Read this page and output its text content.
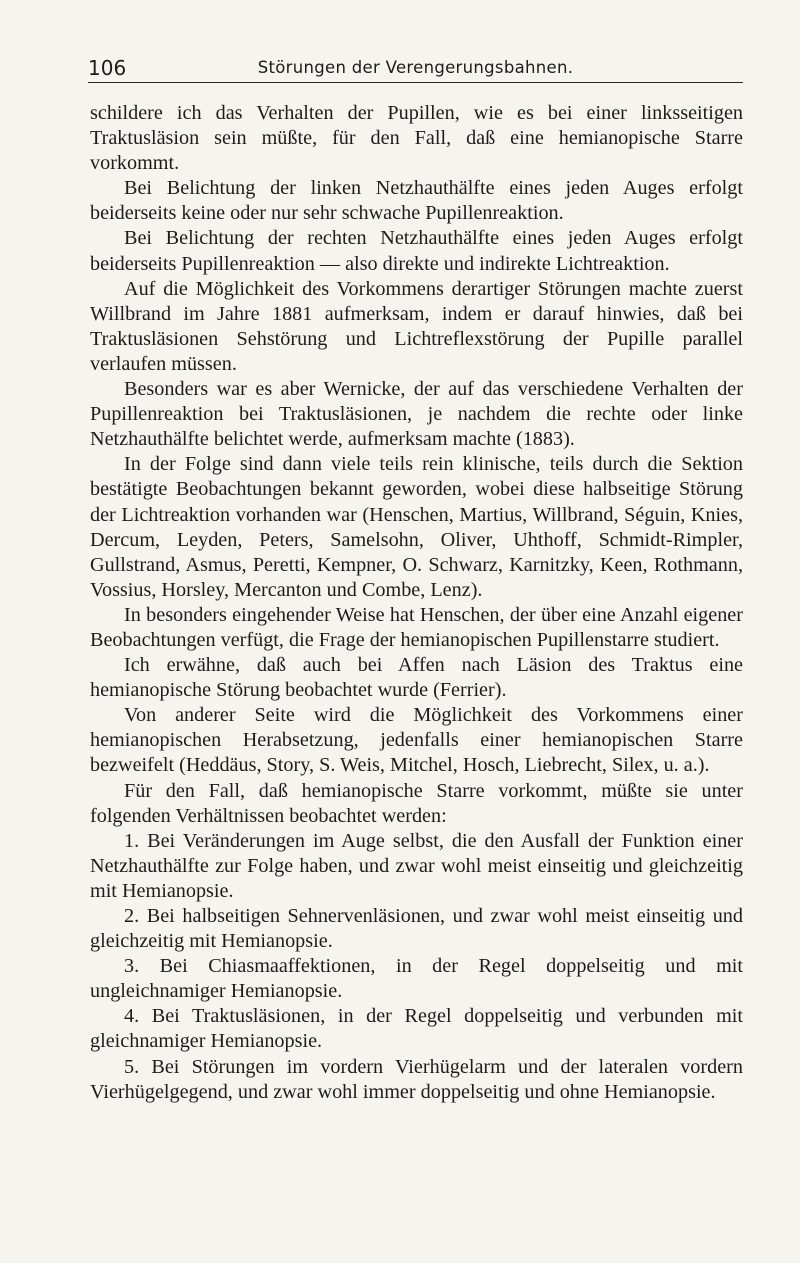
106	Störungen der Verengerungsbahnen.

schildere ich das Verhalten der Pupillen, wie es bei einer linksseitigen Traktusläsion sein müßte, für den Fall, daß eine hemianopische Starre vorkommt.

Bei Belichtung der linken Netzhauthälfte eines jeden Auges erfolgt beiderseits keine oder nur sehr schwache Pupillenreaktion.

Bei Belichtung der rechten Netzhauthälfte eines jeden Auges erfolgt beiderseits Pupillenreaktion — also direkte und indirekte Lichtreaktion.

Auf die Möglichkeit des Vorkommens derartiger Störungen machte zuerst Willbrand im Jahre 1881 aufmerksam, indem er darauf hinwies, daß bei Traktusläsionen Sehstörung und Lichtreflexstörung der Pupille parallel verlaufen müssen.

Besonders war es aber Wernicke, der auf das verschiedene Verhalten der Pupillenreaktion bei Traktusläsionen, je nachdem die rechte oder linke Netzhauthälfte belichtet werde, aufmerksam machte (1883).

In der Folge sind dann viele teils rein klinische, teils durch die Sektion bestätigte Beobachtungen bekannt geworden, wobei diese halbseitige Störung der Lichtreaktion vorhanden war (Henschen, Martius, Willbrand, Séguin, Knies, Dercum, Leyden, Peters, Samelsohn, Oliver, Uhthoff, Schmidt-Rimpler, Gullstrand, Asmus, Peretti, Kempner, O. Schwarz, Karnitzky, Keen, Rothmann, Vossius, Horsley, Mercanton und Combe, Lenz).

In besonders eingehender Weise hat Henschen, der über eine Anzahl eigener Beobachtungen verfügt, die Frage der hemianopischen Pupillenstarre studiert.

Ich erwähne, daß auch bei Affen nach Läsion des Traktus eine hemianopische Störung beobachtet wurde (Ferrier).

Von anderer Seite wird die Möglichkeit des Vorkommens einer hemianopischen Herabsetzung, jedenfalls einer hemianopischen Starre bezweifelt (Heddäus, Story, S. Weis, Mitchel, Hosch, Liebrecht, Silex, u. a.).

Für den Fall, daß hemianopische Starre vorkommt, müßte sie unter folgenden Verhältnissen beobachtet werden:

1. Bei Veränderungen im Auge selbst, die den Ausfall der Funktion einer Netzhauthälfte zur Folge haben, und zwar wohl meist einseitig und gleichzeitig mit Hemianopsie.

2. Bei halbseitigen Sehnervenläsionen, und zwar wohl meist einseitig und gleichzeitig mit Hemianopsie.

3. Bei Chiasmaaffektionen, in der Regel doppelseitig und mit ungleichnamiger Hemianopsie.

4. Bei Traktusläsionen, in der Regel doppelseitig und verbunden mit gleichnamiger Hemianopsie.

5. Bei Störungen im vordern Vierhügelarm und der lateralen vordern Vierhügelgegend, und zwar wohl immer doppelseitig und ohne Hemianopsie.
